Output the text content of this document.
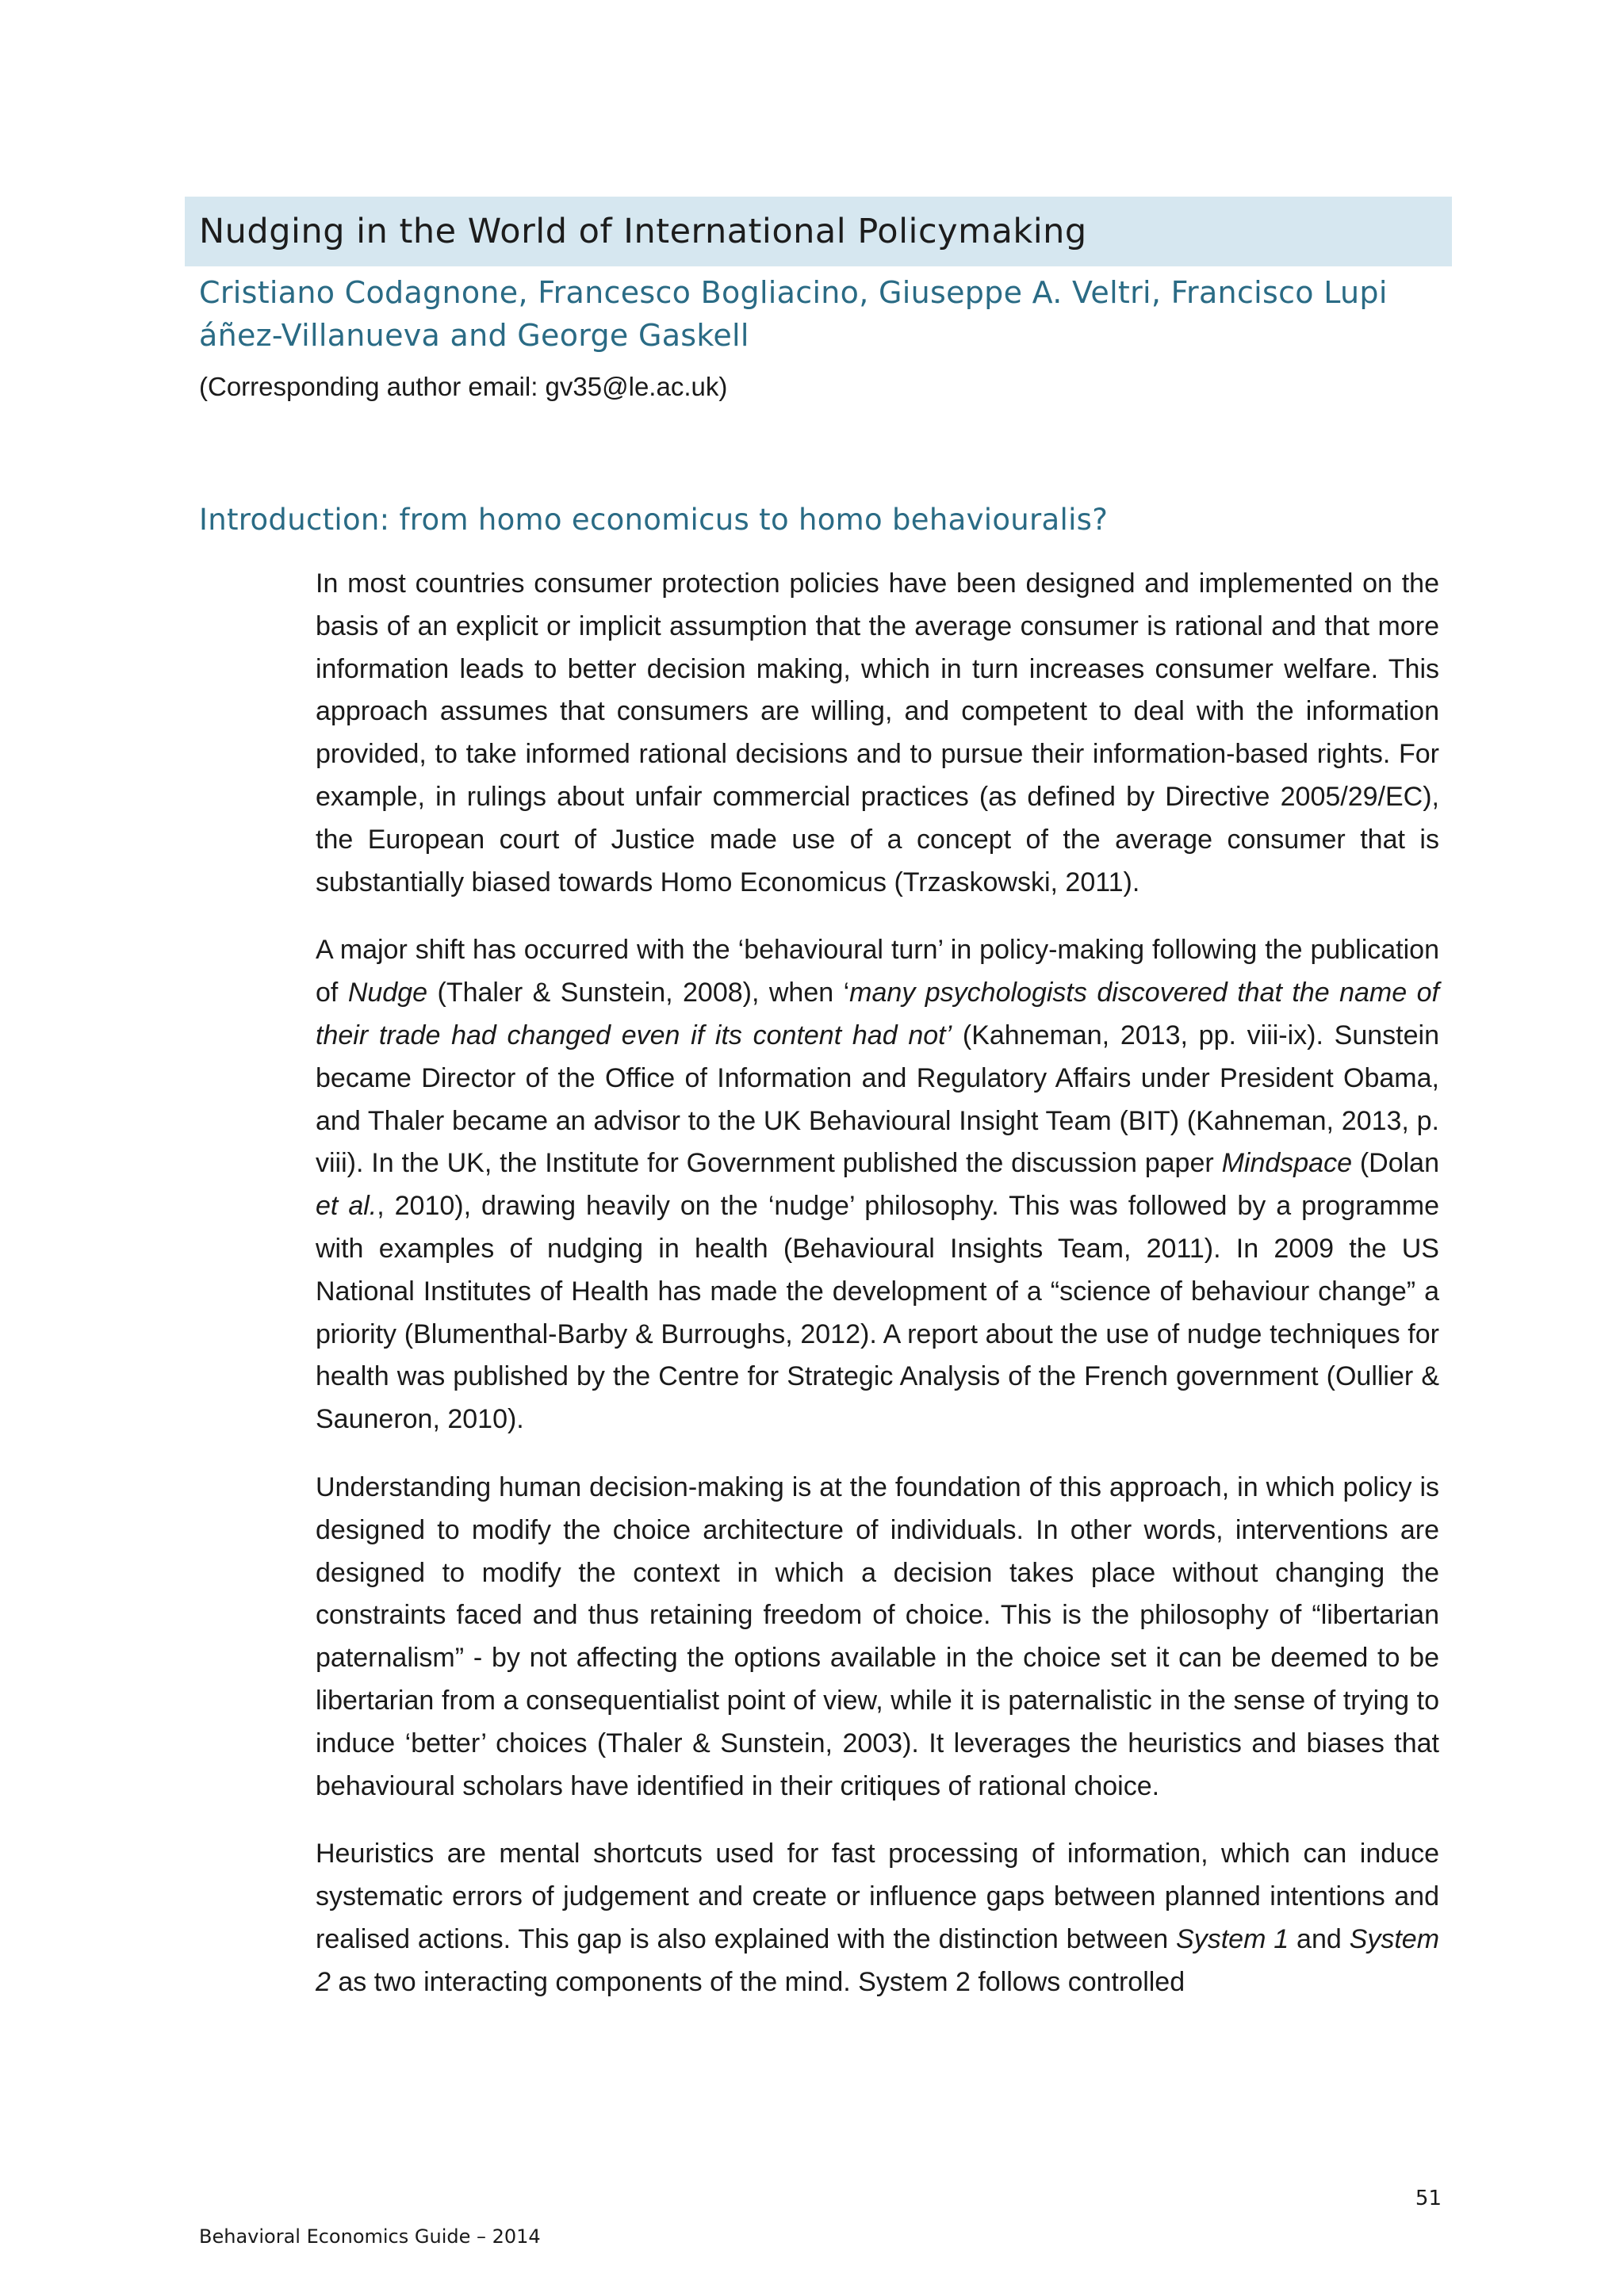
Nudging in the World of International Policymaking

Cristiano Codagnone, Francesco Bogliacino, Giuseppe A. Veltri, Francisco Lupi
áñez-Villanueva and George Gaskell

(Corresponding author email: gv35@le.ac.uk)

Introduction: from homo economicus to homo behaviouralis?

In most countries consumer protection policies have been designed and implemented on the basis of an explicit or implicit assumption that the average consumer is rational and that more information leads to better decision making, which in turn increases consumer welfare. This approach assumes that consumers are willing, and competent to deal with the information provided, to take informed rational decisions and to pursue their information-based rights. For example, in rulings about unfair commercial practices (as defined by Directive 2005/29/EC), the European court of Justice made use of a concept of the average consumer that is substantially biased towards Homo Economicus (Trzaskowski, 2011).

A major shift has occurred with the ‘behavioural turn’ in policy-making following the publication of Nudge (Thaler & Sunstein, 2008), when ‘many psychologists discovered that the name of their trade had changed even if its content had not’ (Kahneman, 2013, pp. viii-ix). Sunstein became Director of the Office of Information and Regulatory Affairs under President Obama, and Thaler became an advisor to the UK Behavioural Insight Team (BIT) (Kahneman, 2013, p. viii). In the UK, the Institute for Government published the discussion paper Mindspace (Dolan et al., 2010), drawing heavily on the ‘nudge’ philosophy. This was followed by a programme with examples of nudging in health (Behavioural Insights Team, 2011). In 2009 the US National Institutes of Health has made the development of a “science of behaviour change” a priority (Blumenthal-Barby & Burroughs, 2012). A report about the use of nudge techniques for health was published by the Centre for Strategic Analysis of the French government (Oullier & Sauneron, 2010).

Understanding human decision-making is at the foundation of this approach, in which policy is designed to modify the choice architecture of individuals. In other words, interventions are designed to modify the context in which a decision takes place without changing the constraints faced and thus retaining freedom of choice. This is the philosophy of “libertarian paternalism” - by not affecting the options available in the choice set it can be deemed to be libertarian from a consequentialist point of view, while it is paternalistic in the sense of trying to induce ‘better’ choices (Thaler & Sunstein, 2003). It leverages the heuristics and biases that behavioural scholars have identified in their critiques of rational choice.

Heuristics are mental shortcuts used for fast processing of information, which can induce systematic errors of judgement and create or influence gaps between planned intentions and realised actions. This gap is also explained with the distinction between System 1 and System 2 as two interacting components of the mind. System 2 follows controlled

51
Behavioral Economics Guide – 2014
